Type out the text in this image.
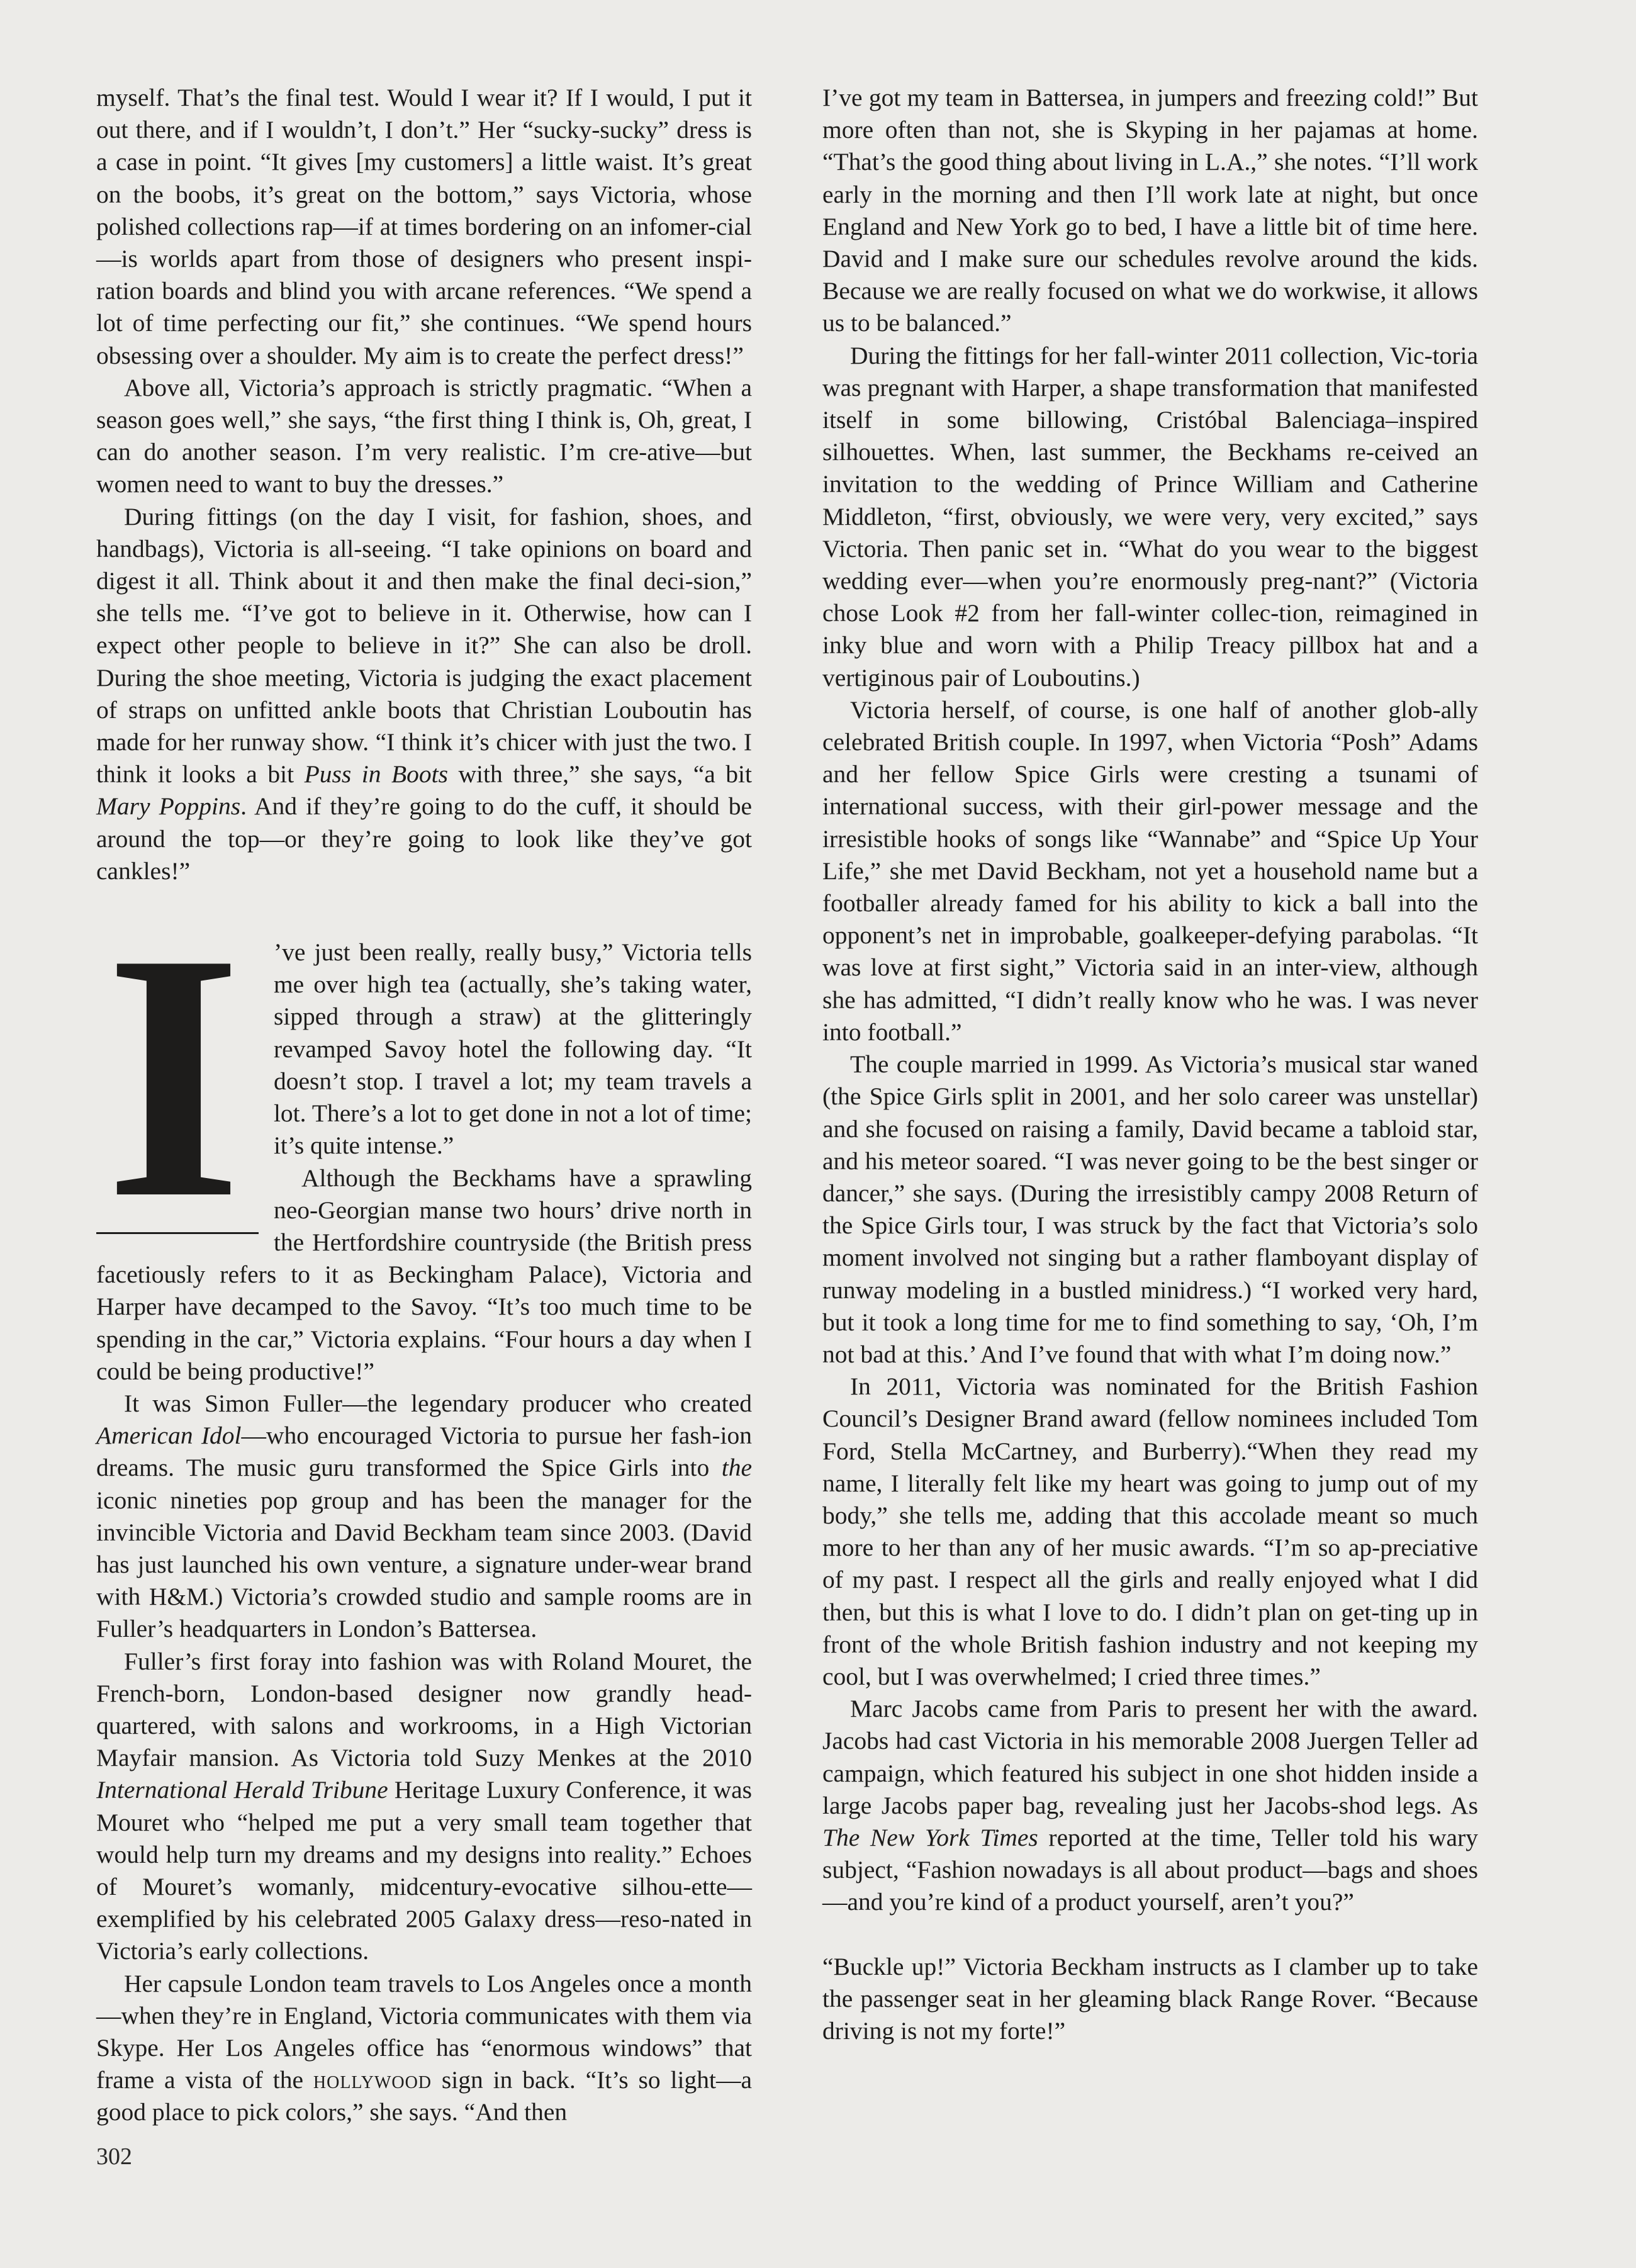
myself. That’s the final test. Would I wear it? If I would, I put it out there, and if I wouldn’t, I don’t.” Her “sucky-sucky” dress is a case in point. “It gives [my customers] a little waist. It’s great on the boobs, it’s great on the bottom,” says Victoria, whose polished collections rap—if at times bordering on an infomer-cial—is worlds apart from those of designers who present inspi-ration boards and blind you with arcane references. “We spend a lot of time perfecting our fit,” she continues. “We spend hours obsessing over a shoulder. My aim is to create the perfect dress!”

Above all, Victoria’s approach is strictly pragmatic. “When a season goes well,” she says, “the first thing I think is, Oh, great, I can do another season. I’m very realistic. I’m cre-ative—but women need to want to buy the dresses.”

During fittings (on the day I visit, for fashion, shoes, and handbags), Victoria is all-seeing. “I take opinions on board and digest it all. Think about it and then make the final deci-sion,” she tells me. “I’ve got to believe in it. Otherwise, how can I expect other people to believe in it?” She can also be droll. During the shoe meeting, Victoria is judging the exact placement of straps on unfitted ankle boots that Christian Louboutin has made for her runway show. “I think it’s chicer with just the two. I think it looks a bit Puss in Boots with three,” she says, “a bit Mary Poppins. And if they’re going to do the cuff, it should be around the top—or they’re going to look like they’ve got cankles!”

I	’ve just been really, really busy,” Victoria tells me over high tea (actually, she’s taking water, sipped through a straw) at the glitteringly revamped Savoy hotel the following day. “It doesn’t stop. I travel a lot; my team travels a lot. There’s a lot to get done in not a lot of time; it’s quite intense.”

Although the Beckhams have a sprawling neo-Georgian manse two hours’ drive north in the Hertfordshire countryside (the British press facetiously refers to it as Beckingham Palace), Victoria and Harper have decamped to the Savoy. “It’s too much time to be spending in the car,” Victoria explains. “Four hours a day when I could be being productive!”

It was Simon Fuller—the legendary producer who created American Idol—who encouraged Victoria to pursue her fash-ion dreams. The music guru transformed the Spice Girls into the iconic nineties pop group and has been the manager for the invincible Victoria and David Beckham team since 2003. (David has just launched his own venture, a signature under-wear brand with H&M.) Victoria’s crowded studio and sample rooms are in Fuller’s headquarters in London’s Battersea.

Fuller’s first foray into fashion was with Roland Mouret, the French-born, London-based designer now grandly head-quartered, with salons and workrooms, in a High Victorian Mayfair mansion. As Victoria told Suzy Menkes at the 2010 International Herald Tribune Heritage Luxury Conference, it was Mouret who “helped me put a very small team together that would help turn my dreams and my designs into reality.” Echoes of Mouret’s womanly, midcentury-evocative silhou-ette—exemplified by his celebrated 2005 Galaxy dress—reso-nated in Victoria’s early collections.

Her capsule London team travels to Los Angeles once a month—when they’re in England, Victoria communicates with them via Skype. Her Los Angeles office has “enormous windows” that frame a vista of the hollywood sign in back. “It’s so light—a good place to pick colors,” she says. “And then

I’ve got my team in Battersea, in jumpers and freezing cold!” But more often than not, she is Skyping in her pajamas at home. “That’s the good thing about living in L.A.,” she notes. “I’ll work early in the morning and then I’ll work late at night, but once England and New York go to bed, I have a little bit of time here. David and I make sure our schedules revolve around the kids. Because we are really focused on what we do workwise, it allows us to be balanced.”

During the fittings for her fall-winter 2011 collection, Vic-toria was pregnant with Harper, a shape transformation that manifested itself in some billowing, Cristóbal Balenciaga–inspired silhouettes. When, last summer, the Beckhams re-ceived an invitation to the wedding of Prince William and Catherine Middleton, “first, obviously, we were very, very excited,” says Victoria. Then panic set in. “What do you wear to the biggest wedding ever—when you’re enormously preg-nant?” (Victoria chose Look #2 from her fall-winter collec-tion, reimagined in inky blue and worn with a Philip Treacy pillbox hat and a vertiginous pair of Louboutins.)

Victoria herself, of course, is one half of another glob-ally celebrated British couple. In 1997, when Victoria “Posh” Adams and her fellow Spice Girls were cresting a tsunami of international success, with their girl-power message and the irresistible hooks of songs like “Wannabe” and “Spice Up Your Life,” she met David Beckham, not yet a household name but a footballer already famed for his ability to kick a ball into the opponent’s net in improbable, goalkeeper-defying parabolas. “It was love at first sight,” Victoria said in an inter-view, although she has admitted, “I didn’t really know who he was. I was never into football.”

The couple married in 1999. As Victoria’s musical star waned (the Spice Girls split in 2001, and her solo career was unstellar) and she focused on raising a family, David became a tabloid star, and his meteor soared. “I was never going to be the best singer or dancer,” she says. (During the irresistibly campy 2008 Return of the Spice Girls tour, I was struck by the fact that Victoria’s solo moment involved not singing but a rather flamboyant display of runway modeling in a bustled minidress.) “I worked very hard, but it took a long time for me to find something to say, ‘Oh, I’m not bad at this.’ And I’ve found that with what I’m doing now.”

In 2011, Victoria was nominated for the British Fashion Council’s Designer Brand award (fellow nominees included Tom Ford, Stella McCartney, and Burberry).“When they read my name, I literally felt like my heart was going to jump out of my body,” she tells me, adding that this accolade meant so much more to her than any of her music awards. “I’m so ap-preciative of my past. I respect all the girls and really enjoyed what I did then, but this is what I love to do. I didn’t plan on get-ting up in front of the whole British fashion industry and not keeping my cool, but I was overwhelmed; I cried three times.”

Marc Jacobs came from Paris to present her with the award. Jacobs had cast Victoria in his memorable 2008 Juergen Teller ad campaign, which featured his subject in one shot hidden inside a large Jacobs paper bag, revealing just her Jacobs-shod legs. As The New York Times reported at the time, Teller told his wary subject, “Fashion nowadays is all about product—bags and shoes—and you’re kind of a product yourself, aren’t you?”

“Buckle up!” Victoria Beckham instructs as I clamber up to take the passenger seat in her gleaming black Range Rover. “Because driving is not my forte!”

302
